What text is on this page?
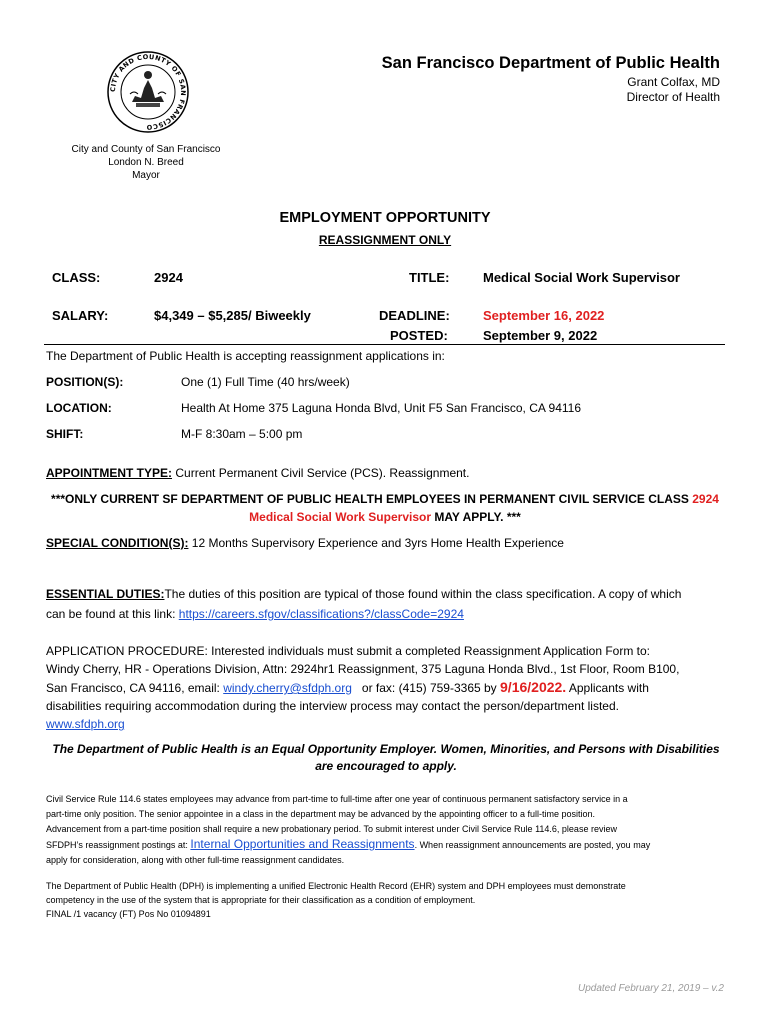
CITY AND COUNTY OF SAN FRANCISCO
San Francisco Department of Public Health
Grant Colfax, MD
Director of Health
City and County of San Francisco
London N. Breed
Mayor
EMPLOYMENT OPPORTUNITY
REASSIGNMENT ONLY
CLASS:	2924	TITLE:	Medical Social Work Supervisor
SALARY:	$4,349 – $5,285/ Biweekly	DEADLINE:	September 16, 2022
POSTED:	September 9, 2022
The Department of Public Health is accepting reassignment applications in:
POSITION(S):	One (1) Full Time (40 hrs/week)
LOCATION:	Health At Home 375 Laguna Honda Blvd, Unit F5 San Francisco, CA 94116
SHIFT:	M-F 8:30am – 5:00 pm
APPOINTMENT TYPE: Current Permanent Civil Service (PCS). Reassignment.
***ONLY CURRENT SF DEPARTMENT OF PUBLIC HEALTH EMPLOYEES IN PERMANENT CIVIL SERVICE CLASS 2924
Medical Social Work Supervisor MAY APPLY. ***
SPECIAL CONDITION(S): 12 Months Supervisory Experience and 3yrs Home Health Experience
ESSENTIAL DUTIES:The duties of this position are typical of those found within the class specification. A copy of which
can be found at this link: https://careers.sfgov/classifications?/classCode=2924
APPLICATION PROCEDURE: Interested individuals must submit a completed Reassignment Application Form to:
Windy Cherry, HR - Operations Division, Attn: 2924hr1 Reassignment, 375 Laguna Honda Blvd., 1st Floor, Room B100,
San Francisco, CA 94116, email: windy.cherry@sfdph.org or fax: (415) 759-3365 by 9/16/2022. Applicants with
disabilities requiring accommodation during the interview process may contact the person/department listed.
www.sfdph.org
The Department of Public Health is an Equal Opportunity Employer. Women, Minorities, and Persons with Disabilities
are encouraged to apply.
Civil Service Rule 114.6 states employees may advance from part-time to full-time after one year of continuous permanent satisfactory service in a
part-time only position. The senior appointee in a class in the department may be advanced by the appointing officer to a full-time position.
Advancement from a part-time position shall require a new probationary period. To submit interest under Civil Service Rule 114.6, please review
SFDPH’s reassignment postings at: Internal Opportunities and Reassignments. When reassignment announcements are posted, you may
apply for consideration, along with other full-time reassignment candidates.
The Department of Public Health (DPH) is implementing a unified Electronic Health Record (EHR) system and DPH employees must demonstrate
competency in the use of the system that is appropriate for their classification as a condition of employment.
FINAL /1 vacancy (FT) Pos No 01094891
Updated February 21, 2019 – v.2
